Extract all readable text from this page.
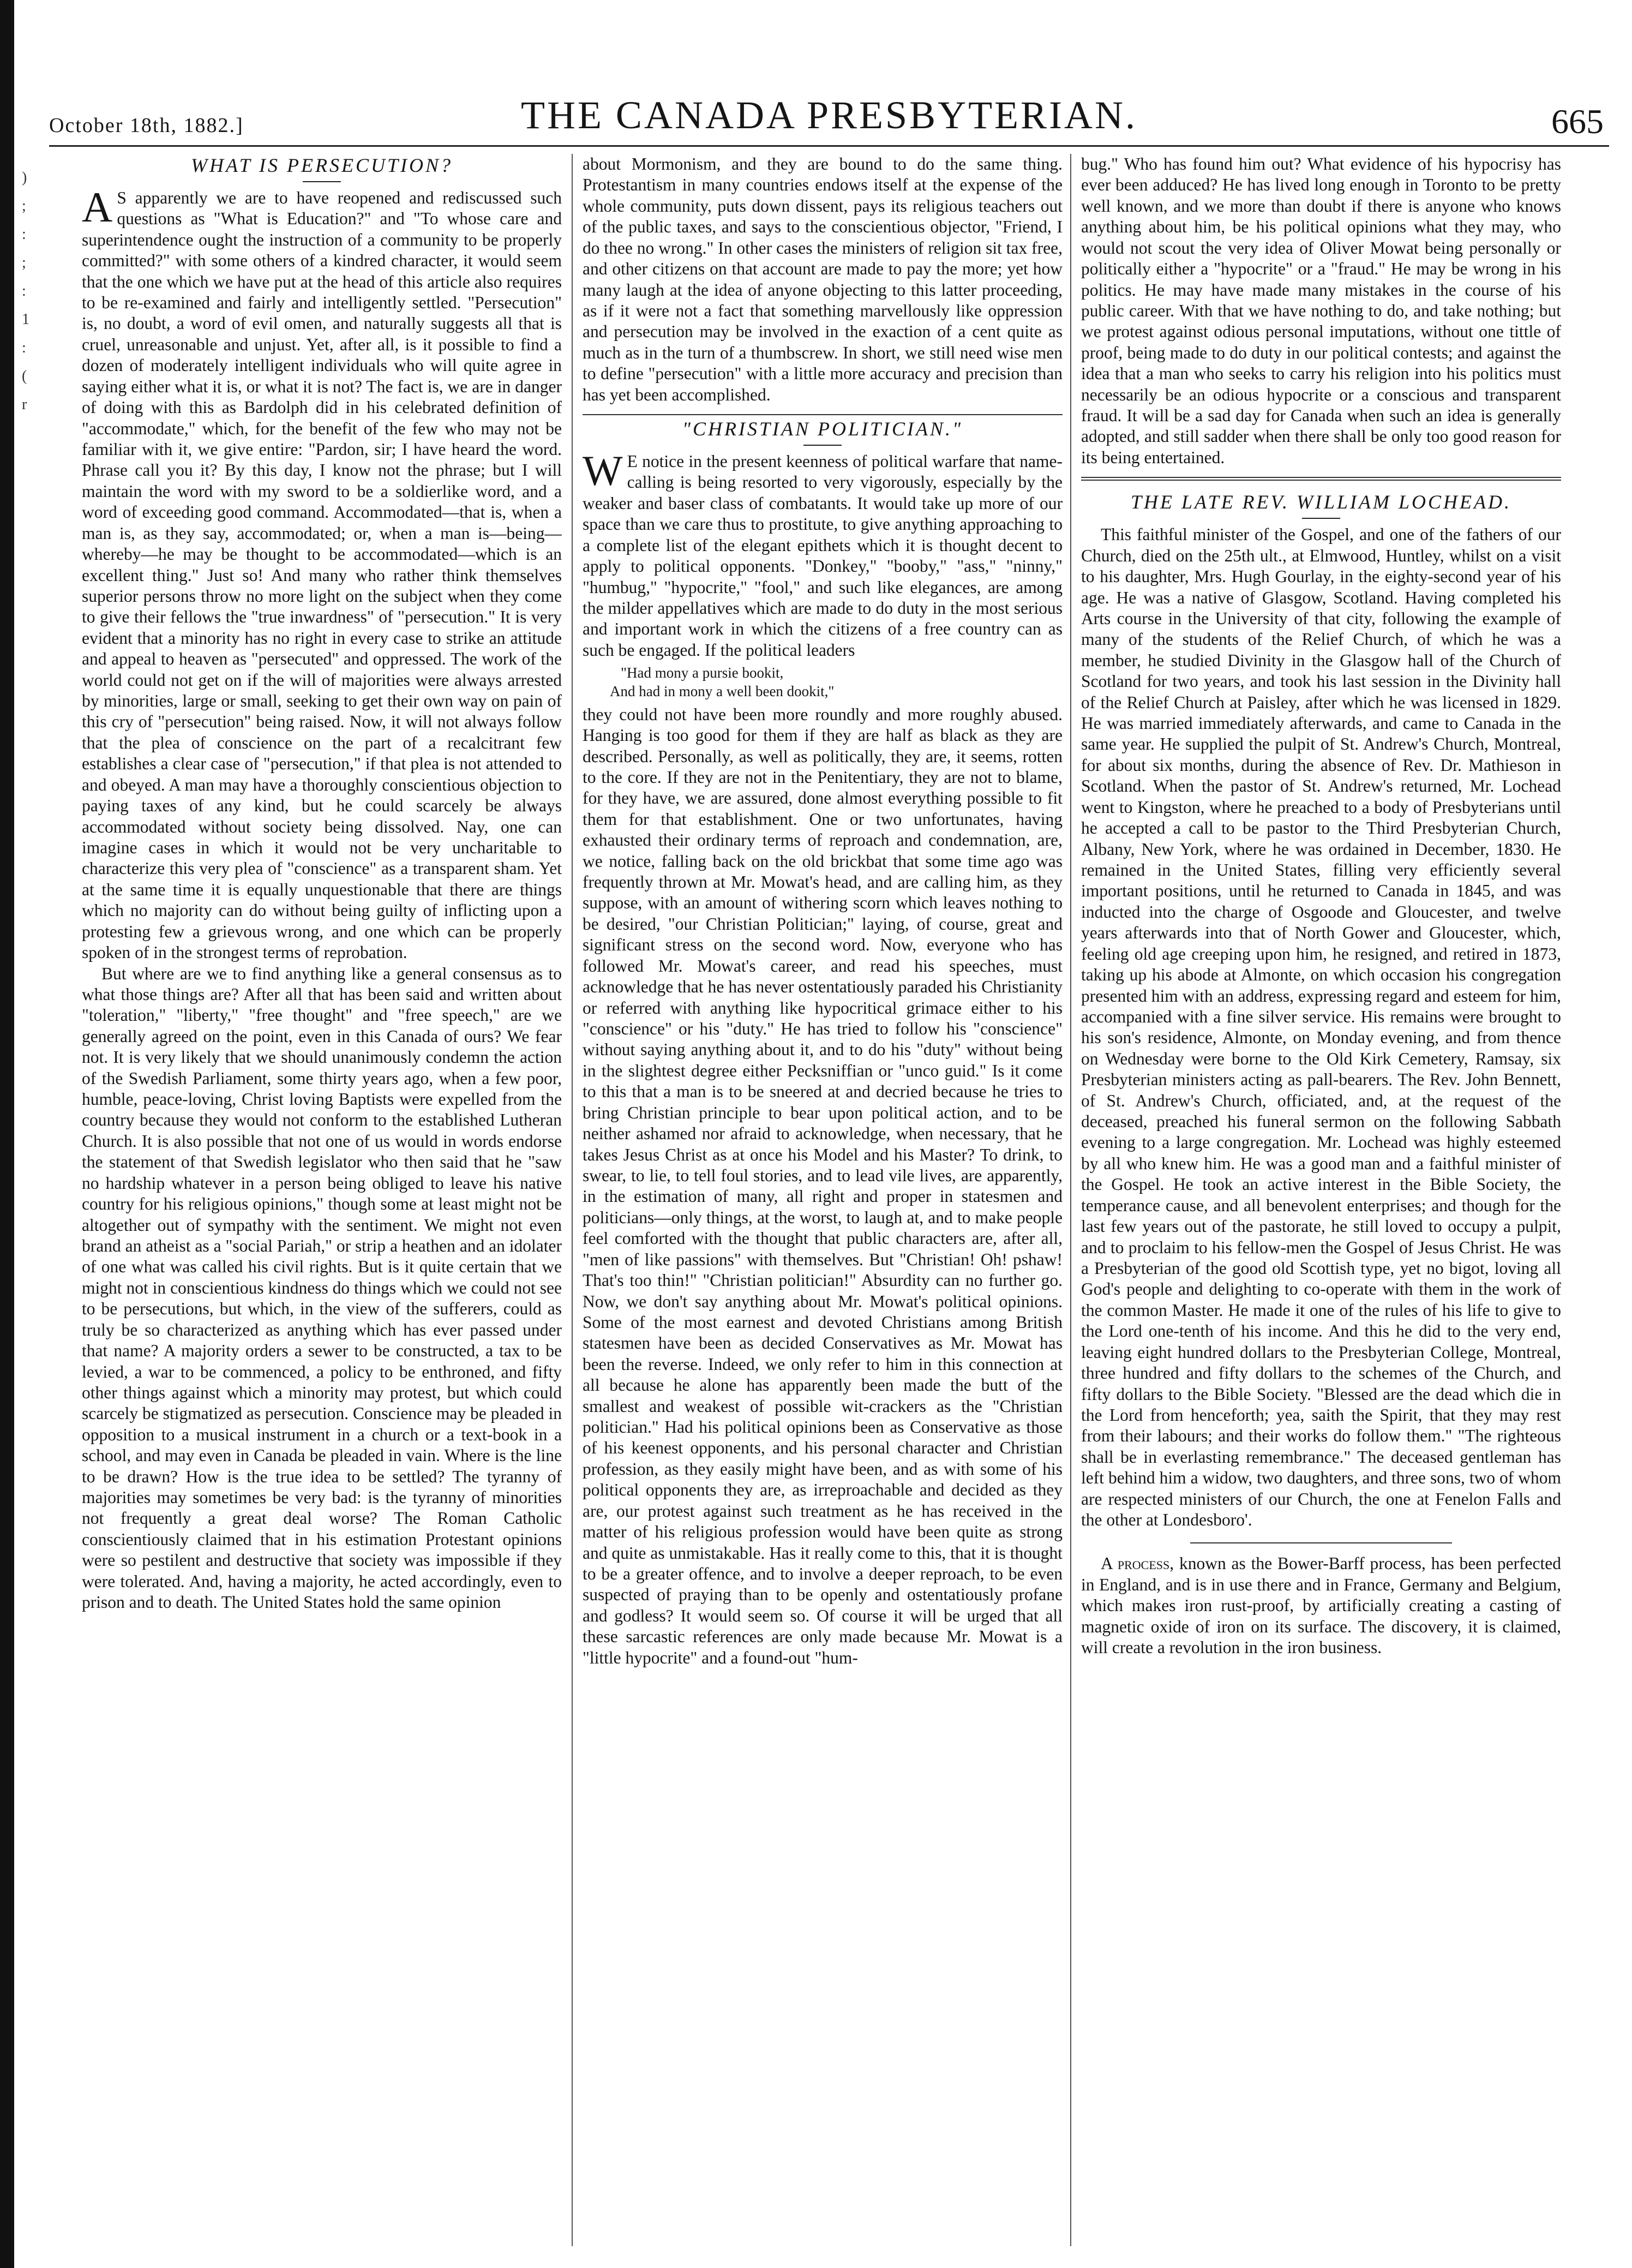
)
;
:
;
:
1
:
(
r
October 18th, 1882.]	THE CANADA PRESBYTERIAN.	665
WHAT IS PERSECUTION?

A S apparently we are to have reopened and rediscussed such questions as "What is Education?" and "To whose care and superintendence ought the instruction of a community to be properly committed?" with some others of a kindred character, it would seem that the one which we have put at the head of this article also requires to be re-examined and fairly and intelligently settled. "Persecution" is, no doubt, a word of evil omen, and naturally suggests all that is cruel, unreasonable and unjust. Yet, after all, is it possible to find a dozen of moderately intelligent individuals who will quite agree in saying either what it is, or what it is not? The fact is, we are in danger of doing with this as Bardolph did in his celebrated definition of "accommodate," which, for the benefit of the few who may not be familiar with it, we give entire: "Pardon, sir; I have heard the word. Phrase call you it? By this day, I know not the phrase; but I will maintain the word with my sword to be a soldierlike word, and a word of exceeding good command. Accommodated—that is, when a man is, as they say, accommodated; or, when a man is—being—whereby—he may be thought to be accommodated—which is an excellent thing." Just so! And many who rather think themselves superior persons throw no more light on the subject when they come to give their fellows the "true inwardness" of "persecution." It is very evident that a minority has no right in every case to strike an attitude and appeal to heaven as "persecuted" and oppressed. The work of the world could not get on if the will of majorities were always arrested by minorities, large or small, seeking to get their own way on pain of this cry of "persecution" being raised. Now, it will not always follow that the plea of conscience on the part of a recalcitrant few establishes a clear case of "persecution," if that plea is not attended to and obeyed. A man may have a thoroughly conscientious objection to paying taxes of any kind, but he could scarcely be always accommodated without society being dissolved. Nay, one can imagine cases in which it would not be very uncharitable to characterize this very plea of "conscience" as a transparent sham. Yet at the same time it is equally unquestionable that there are things which no majority can do without being guilty of inflicting upon a protesting few a grievous wrong, and one which can be properly spoken of in the strongest terms of reprobation.

But where are we to find anything like a general consensus as to what those things are? After all that has been said and written about "toleration," "liberty," "free thought" and "free speech," are we generally agreed on the point, even in this Canada of ours? We fear not. It is very likely that we should unanimously condemn the action of the Swedish Parliament, some thirty years ago, when a few poor, humble, peace-loving, Christ loving Baptists were expelled from the country because they would not conform to the established Lutheran Church. It is also possible that not one of us would in words endorse the statement of that Swedish legislator who then said that he "saw no hardship whatever in a person being obliged to leave his native country for his religious opinions," though some at least might not be altogether out of sympathy with the sentiment. We might not even brand an atheist as a "social Pariah," or strip a heathen and an idolater of one what was called his civil rights. But is it quite certain that we might not in conscientious kindness do things which we could not see to be persecutions, but which, in the view of the sufferers, could as truly be so characterized as anything which has ever passed under that name? A majority orders a sewer to be constructed, a tax to be levied, a war to be commenced, a policy to be enthroned, and fifty other things against which a minority may protest, but which could scarcely be stigmatized as persecution. Conscience may be pleaded in opposition to a musical instrument in a church or a text-book in a school, and may even in Canada be pleaded in vain. Where is the line to be drawn? How is the true idea to be settled? The tyranny of majorities may sometimes be very bad: is the tyranny of minorities not frequently a great deal worse? The Roman Catholic conscientiously claimed that in his estimation Protestant opinions were so pestilent and destructive that society was impossible if they were tolerated. And, having a majority, he acted accordingly, even to prison and to death. The United States hold the same opinion

about Mormonism, and they are bound to do the same thing. Protestantism in many countries endows itself at the expense of the whole community, puts down dissent, pays its religious teachers out of the public taxes, and says to the conscientious objector, "Friend, I do thee no wrong." In other cases the ministers of religion sit tax free, and other citizens on that account are made to pay the more; yet how many laugh at the idea of anyone objecting to this latter proceeding, as if it were not a fact that something marvellously like oppression and persecution may be involved in the exaction of a cent quite as much as in the turn of a thumbscrew. In short, we still need wise men to define "persecution" with a little more accuracy and precision than has yet been accomplished.

"CHRISTIAN POLITICIAN."

W E notice in the present keenness of political warfare that name-calling is being resorted to very vigorously, especially by the weaker and baser class of combatants. It would take up more of our space than we care thus to prostitute, to give anything approaching to a complete list of the elegant epithets which it is thought decent to apply to political opponents. "Donkey," "booby," "ass," "ninny," "humbug," "hypocrite," "fool," and such like elegances, are among the milder appellatives which are made to do duty in the most serious and important work in which the citizens of a free country can as such be engaged. If the political leaders

"Had mony a pursie bookit,
And had in mony a well been dookit,"

they could not have been more roundly and more roughly abused. Hanging is too good for them if they are half as black as they are described. Personally, as well as politically, they are, it seems, rotten to the core. If they are not in the Penitentiary, they are not to blame, for they have, we are assured, done almost everything possible to fit them for that establishment. One or two unfortunates, having exhausted their ordinary terms of reproach and condemnation, are, we notice, falling back on the old brickbat that some time ago was frequently thrown at Mr. Mowat's head, and are calling him, as they suppose, with an amount of withering scorn which leaves nothing to be desired, "our Christian Politician;" laying, of course, great and significant stress on the second word. Now, everyone who has followed Mr. Mowat's career, and read his speeches, must acknowledge that he has never ostentatiously paraded his Christianity or referred with anything like hypocritical grimace either to his "conscience" or his "duty." He has tried to follow his "conscience" without saying anything about it, and to do his "duty" without being in the slightest degree either Pecksniffian or "unco guid." Is it come to this that a man is to be sneered at and decried because he tries to bring Christian principle to bear upon political action, and to be neither ashamed nor afraid to acknowledge, when necessary, that he takes Jesus Christ as at once his Model and his Master? To drink, to swear, to lie, to tell foul stories, and to lead vile lives, are apparently, in the estimation of many, all right and proper in statesmen and politicians—only things, at the worst, to laugh at, and to make people feel comforted with the thought that public characters are, after all, "men of like passions" with themselves. But "Christian! Oh! pshaw! That's too thin!" "Christian politician!" Absurdity can no further go. Now, we don't say anything about Mr. Mowat's political opinions. Some of the most earnest and devoted Christians among British statesmen have been as decided Conservatives as Mr. Mowat has been the reverse. Indeed, we only refer to him in this connection at all because he alone has apparently been made the butt of the smallest and weakest of possible wit-crackers as the "Christian politician." Had his political opinions been as Conservative as those of his keenest opponents, and his personal character and Christian profession, as they easily might have been, and as with some of his political opponents they are, as irreproachable and decided as they are, our protest against such treatment as he has received in the matter of his religious profession would have been quite as strong and quite as unmistakable. Has it really come to this, that it is thought to be a greater offence, and to involve a deeper reproach, to be even suspected of praying than to be openly and ostentatiously profane and godless? It would seem so. Of course it will be urged that all these sarcastic references are only made because Mr. Mowat is a "little hypocrite" and a found-out "hum-

bug." Who has found him out? What evidence of his hypocrisy has ever been adduced? He has lived long enough in Toronto to be pretty well known, and we more than doubt if there is anyone who knows anything about him, be his political opinions what they may, who would not scout the very idea of Oliver Mowat being personally or politically either a "hypocrite" or a "fraud." He may be wrong in his politics. He may have made many mistakes in the course of his public career. With that we have nothing to do, and take nothing; but we protest against odious personal imputations, without one tittle of proof, being made to do duty in our political contests; and against the idea that a man who seeks to carry his religion into his politics must necessarily be an odious hypocrite or a conscious and transparent fraud. It will be a sad day for Canada when such an idea is generally adopted, and still sadder when there shall be only too good reason for its being entertained.

THE LATE REV. WILLIAM LOCHEAD.

This faithful minister of the Gospel, and one of the fathers of our Church, died on the 25th ult., at Elmwood, Huntley, whilst on a visit to his daughter, Mrs. Hugh Gourlay, in the eighty-second year of his age. He was a native of Glasgow, Scotland. Having completed his Arts course in the University of that city, following the example of many of the students of the Relief Church, of which he was a member, he studied Divinity in the Glasgow hall of the Church of Scotland for two years, and took his last session in the Divinity hall of the Relief Church at Paisley, after which he was licensed in 1829. He was married immediately afterwards, and came to Canada in the same year. He supplied the pulpit of St. Andrew's Church, Montreal, for about six months, during the absence of Rev. Dr. Mathieson in Scotland. When the pastor of St. Andrew's returned, Mr. Lochead went to Kingston, where he preached to a body of Presbyterians until he accepted a call to be pastor to the Third Presbyterian Church, Albany, New York, where he was ordained in December, 1830. He remained in the United States, filling very efficiently several important positions, until he returned to Canada in 1845, and was inducted into the charge of Osgoode and Gloucester, and twelve years afterwards into that of North Gower and Gloucester, which, feeling old age creeping upon him, he resigned, and retired in 1873, taking up his abode at Almonte, on which occasion his congregation presented him with an address, expressing regard and esteem for him, accompanied with a fine silver service. His remains were brought to his son's residence, Almonte, on Monday evening, and from thence on Wednesday were borne to the Old Kirk Cemetery, Ramsay, six Presbyterian ministers acting as pall-bearers. The Rev. John Bennett, of St. Andrew's Church, officiated, and, at the request of the deceased, preached his funeral sermon on the following Sabbath evening to a large congregation. Mr. Lochead was highly esteemed by all who knew him. He was a good man and a faithful minister of the Gospel. He took an active interest in the Bible Society, the temperance cause, and all benevolent enterprises; and though for the last few years out of the pastorate, he still loved to occupy a pulpit, and to proclaim to his fellow-men the Gospel of Jesus Christ. He was a Presbyterian of the good old Scottish type, yet no bigot, loving all God's people and delighting to co-operate with them in the work of the common Master. He made it one of the rules of his life to give to the Lord one-tenth of his income. And this he did to the very end, leaving eight hundred dollars to the Presbyterian College, Montreal, three hundred and fifty dollars to the schemes of the Church, and fifty dollars to the Bible Society. "Blessed are the dead which die in the Lord from henceforth; yea, saith the Spirit, that they may rest from their labours; and their works do follow them." "The righteous shall be in everlasting remembrance." The deceased gentleman has left behind him a widow, two daughters, and three sons, two of whom are respected ministers of our Church, the one at Fenelon Falls and the other at Londesboro'.

A process, known as the Bower-Barff process, has been perfected in England, and is in use there and in France, Germany and Belgium, which makes iron rust-proof, by artificially creating a casting of magnetic oxide of iron on its surface. The discovery, it is claimed, will create a revolution in the iron business.
